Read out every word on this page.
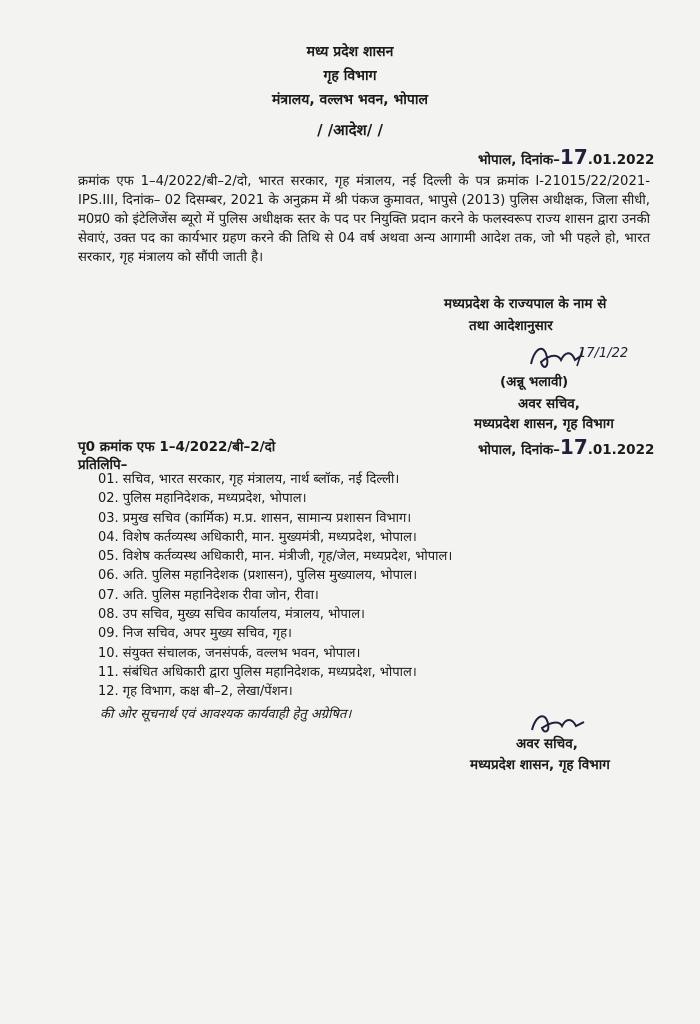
मध्य प्रदेश शासन
गृह विभाग
मंत्रालय, वल्लभ भवन, भोपाल
/ /आदेश/ /
भोपाल, दिनांक–17.01.2022
क्रमांक एफ 1–4/2022/बी–2/दो, भारत सरकार, गृह मंत्रालय, नई दिल्ली के पत्र क्रमांक I-21015/22/2021-IPS.III, दिनांक– 02 दिसम्बर, 2021 के अनुक्रम में श्री पंकज कुमावत, भापुसे (2013) पुलिस अधीक्षक, जिला सीधी, म0प्र0 को इंटेलिजेंस ब्यूरो में पुलिस अधीक्षक स्तर के पद पर नियुक्ति प्रदान करने के फलस्वरूप राज्य शासन द्वारा उनकी सेवाएं, उक्त पद का कार्यभार ग्रहण करने की तिथि से 04 वर्ष अथवा अन्य आगामी आदेश तक, जो भी पहले हो, भारत सरकार, गृह मंत्रालय को सौंपी जाती है।
मध्यप्रदेश के राज्यपाल के नाम से
तथा आदेशानुसार
17/1/22
(अन्नू भलावी)
अवर सचिव,
मध्यप्रदेश शासन, गृह विभाग
पृ0 क्रमांक एफ 1–4/2022/बी–2/दो	भोपाल, दिनांक–17.01.2022
प्रतिलिपि–
01. सचिव, भारत सरकार, गृह मंत्रालय, नार्थ ब्लॉक, नई दिल्ली।
02. पुलिस महानिदेशक, मध्यप्रदेश, भोपाल।
03. प्रमुख सचिव (कार्मिक) म.प्र. शासन, सामान्य प्रशासन विभाग।
04. विशेष कर्तव्यस्थ अधिकारी, मान. मुख्यमंत्री, मध्यप्रदेश, भोपाल।
05. विशेष कर्तव्यस्थ अधिकारी, मान. मंत्रीजी, गृह/जेल, मध्यप्रदेश, भोपाल।
06. अति. पुलिस महानिदेशक (प्रशासन), पुलिस मुख्यालय, भोपाल।
07. अति. पुलिस महानिदेशक रीवा जोन, रीवा।
08. उप सचिव, मुख्य सचिव कार्यालय, मंत्रालय, भोपाल।
09. निज सचिव, अपर मुख्य सचिव, गृह।
10. संयुक्त संचालक, जनसंपर्क, वल्लभ भवन, भोपाल।
11. संबंधित अधिकारी द्वारा पुलिस महानिदेशक, मध्यप्रदेश, भोपाल।
12. गृह विभाग, कक्ष बी–2, लेखा/पेंशन।
की ओर सूचनार्थ एवं आवश्यक कार्यवाही हेतु अग्रेषित।
अवर सचिव,
मध्यप्रदेश शासन, गृह विभाग
